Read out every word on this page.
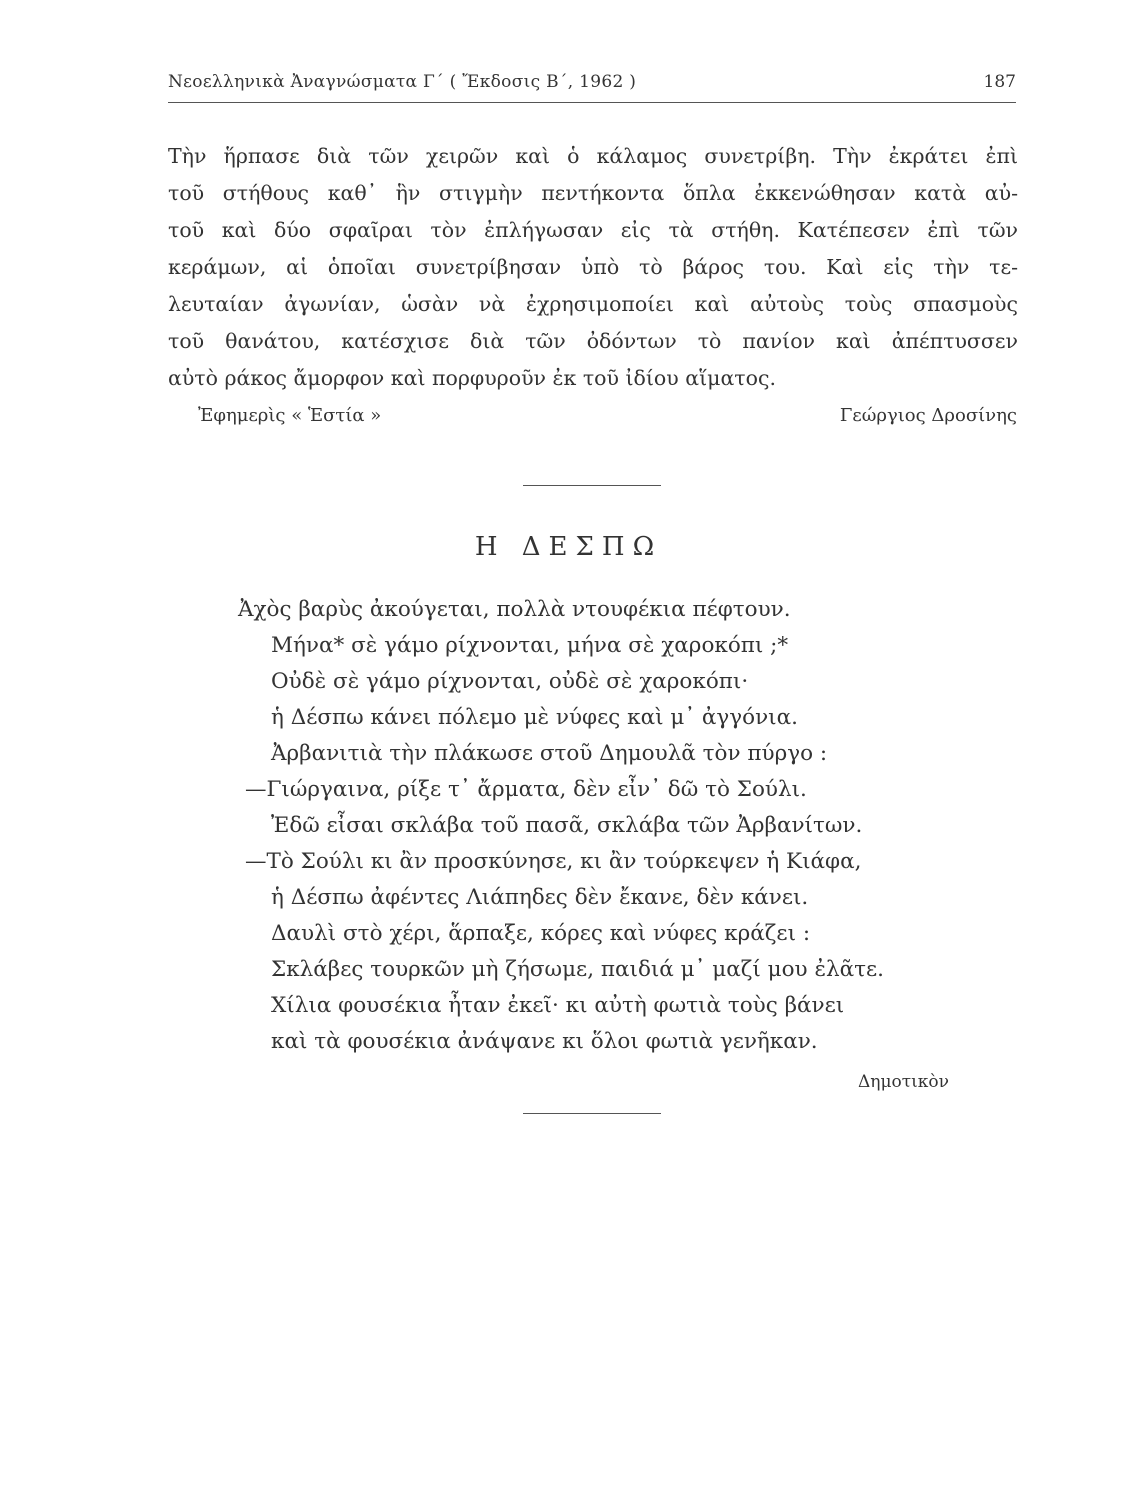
Νεοελληνικὰ Ἀναγνώσματα Γ΄ ( Ἔκδοσις Β΄, 1962 )	187
Τὴν ἥρπασε διὰ τῶν χειρῶν καὶ ὁ κάλαμος συνετρίβη. Τὴν ἐκράτει ἐπὶ
τοῦ στήθους καθ᾿ ἣν στιγμὴν πεντήκοντα ὅπλα ἐκκενώθησαν κατὰ αὐ-
τοῦ καὶ δύο σφαῖραι τὸν ἐπλήγωσαν εἰς τὰ στήθη. Κατέπεσεν ἐπὶ τῶν
κεράμων, αἱ ὁποῖαι συνετρίβησαν ὑπὸ τὸ βάρος του. Καὶ εἰς τὴν τε-
λευταίαν ἀγωνίαν, ὡσὰν νὰ ἐχρησιμοποίει καὶ αὐτοὺς τοὺς σπασμοὺς
τοῦ θανάτου, κατέσχισε διὰ τῶν ὀδόντων τὸ πανίον καὶ ἀπέπτυσσεν
αὐτὸ ράκος ἄμορφον καὶ πορφυροῦν ἐκ τοῦ ἰδίου αἵματος.
Ἐφημερὶς « Ἑστία »	Γεώργιος Δροσίνης
Η ΔΕΣΠΩ
Ἀχὸς βαρὺς ἀκούγεται, πολλὰ ντουφέκια πέφτουν.
Μήνα* σὲ γάμο ρίχνονται, μήνα σὲ χαροκόπι ;*
Οὐδὲ σὲ γάμο ρίχνονται, οὐδὲ σὲ χαροκόπι·
ἡ Δέσπω κάνει πόλεμο μὲ νύφες καὶ μ᾿ ἀγγόνια.
Ἀρβανιτιὰ τὴν πλάκωσε στοῦ Δημουλᾶ τὸν πύργο :
—Γιώργαινα, ρίξε τ᾿ ἄρματα, δὲν εἶν᾿ δῶ τὸ Σούλι.
Ἐδῶ εἶσαι σκλάβα τοῦ πασᾶ, σκλάβα τῶν Ἀρβανίτων.
—Τὸ Σούλι κι ἂν προσκύνησε, κι ἂν τούρκεψεν ἡ Κιάφα,
ἡ Δέσπω ἀφέντες Λιάπηδες δὲν ἔκανε, δὲν κάνει.
Δαυλὶ στὸ χέρι, ἅρπαξε, κόρες καὶ νύφες κράζει :
Σκλάβες τουρκῶν μὴ ζήσωμε, παιδιά μ᾿ μαζί μου ἐλᾶτε.
Χίλια φουσέκια ἦταν ἐκεῖ· κι αὐτὴ φωτιὰ τοὺς βάνει
καὶ τὰ φουσέκια ἀνάψανε κι ὅλοι φωτιὰ γενῆκαν.
Δημοτικὸν
